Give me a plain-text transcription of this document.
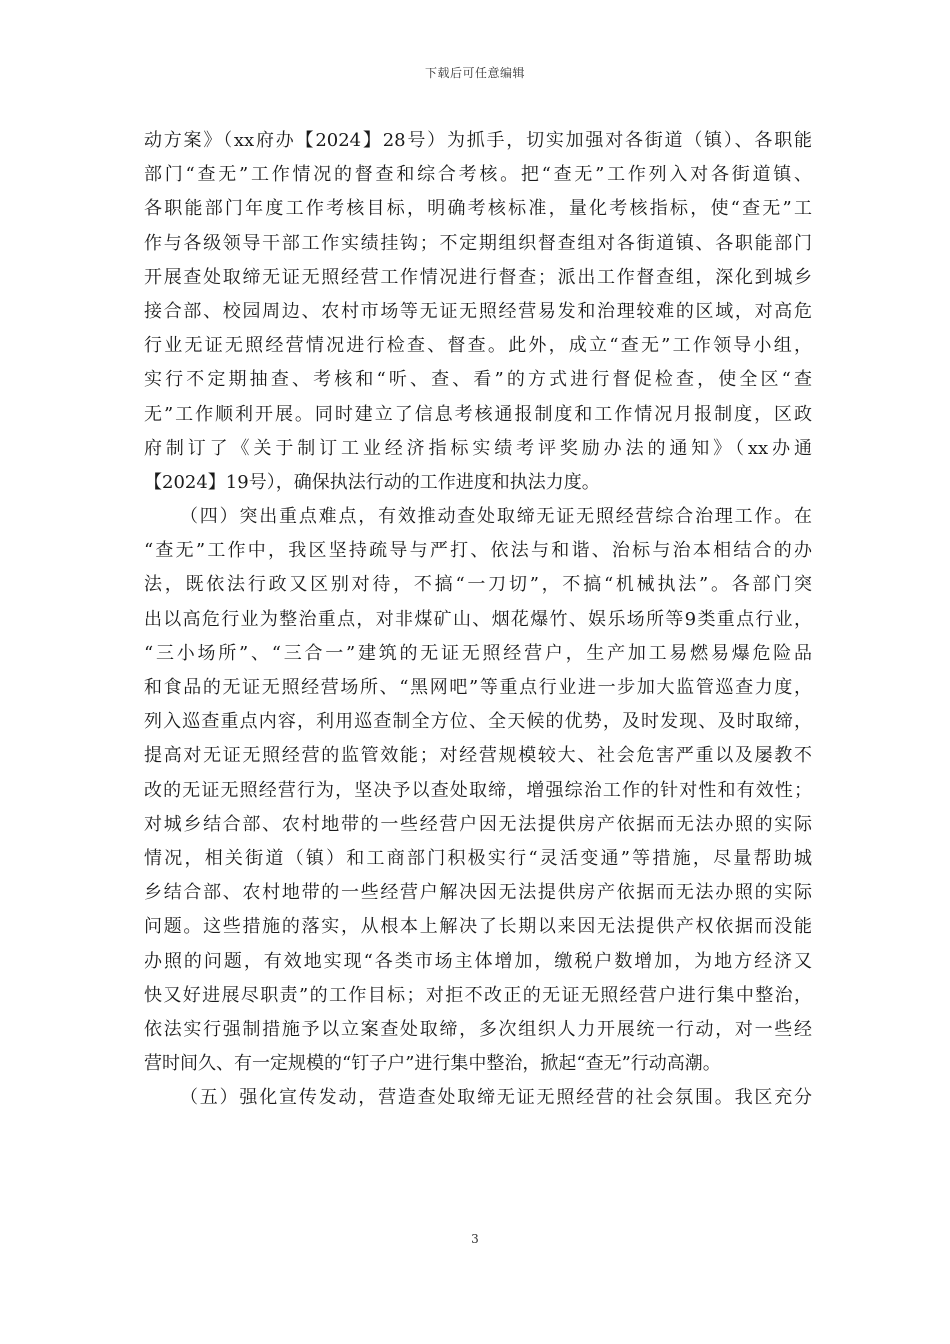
下载后可任意编辑
动方案》（xx府办【2024】28号）为抓手，切实加强对各街道（镇）、各职能
部门“查无”工作情况的督查和综合考核。把“查无”工作列入对各街道镇、
各职能部门年度工作考核目标，明确考核标准，量化考核指标，使“查无”工
作与各级领导干部工作实绩挂钩；不定期组织督查组对各街道镇、各职能部门
开展查处取缔无证无照经营工作情况进行督查；派出工作督查组，深化到城乡
接合部、校园周边、农村市场等无证无照经营易发和治理较难的区域，对高危
行业无证无照经营情况进行检查、督查。此外，成立“查无”工作领导小组，
实行不定期抽查、考核和“听、查、看”的方式进行督促检查，使全区“查
无”工作顺利开展。同时建立了信息考核通报制度和工作情况月报制度，区政
府制订了《关于制订工业经济指标实绩考评奖励办法的通知》（xx办通
【2024】19号），确保执法行动的工作进度和执法力度。
（四）突出重点难点，有效推动查处取缔无证无照经营综合治理工作。在
“查无”工作中，我区坚持疏导与严打、依法与和谐、治标与治本相结合的办
法，既依法行政又区别对待，不搞“一刀切”，不搞“机械执法”。各部门突
出以高危行业为整治重点，对非煤矿山、烟花爆竹、娱乐场所等9类重点行业，
“三小场所”、“三合一”建筑的无证无照经营户，生产加工易燃易爆危险品
和食品的无证无照经营场所、“黑网吧”等重点行业进一步加大监管巡查力度，
列入巡查重点内容，利用巡查制全方位、全天候的优势，及时发现、及时取缔，
提高对无证无照经营的监管效能；对经营规模较大、社会危害严重以及屡教不
改的无证无照经营行为，坚决予以查处取缔，增强综治工作的针对性和有效性；
对城乡结合部、农村地带的一些经营户因无法提供房产依据而无法办照的实际
情况，相关街道（镇）和工商部门积极实行“灵活变通”等措施，尽量帮助城
乡结合部、农村地带的一些经营户解决因无法提供房产依据而无法办照的实际
问题。这些措施的落实，从根本上解决了长期以来因无法提供产权依据而没能
办照的问题，有效地实现“各类市场主体增加，缴税户数增加，为地方经济又
快又好进展尽职责”的工作目标；对拒不改正的无证无照经营户进行集中整治，
依法实行强制措施予以立案查处取缔，多次组织人力开展统一行动，对一些经
营时间久、有一定规模的“钉子户”进行集中整治，掀起“查无”行动高潮。
（五）强化宣传发动，营造查处取缔无证无照经营的社会氛围。我区充分
3
